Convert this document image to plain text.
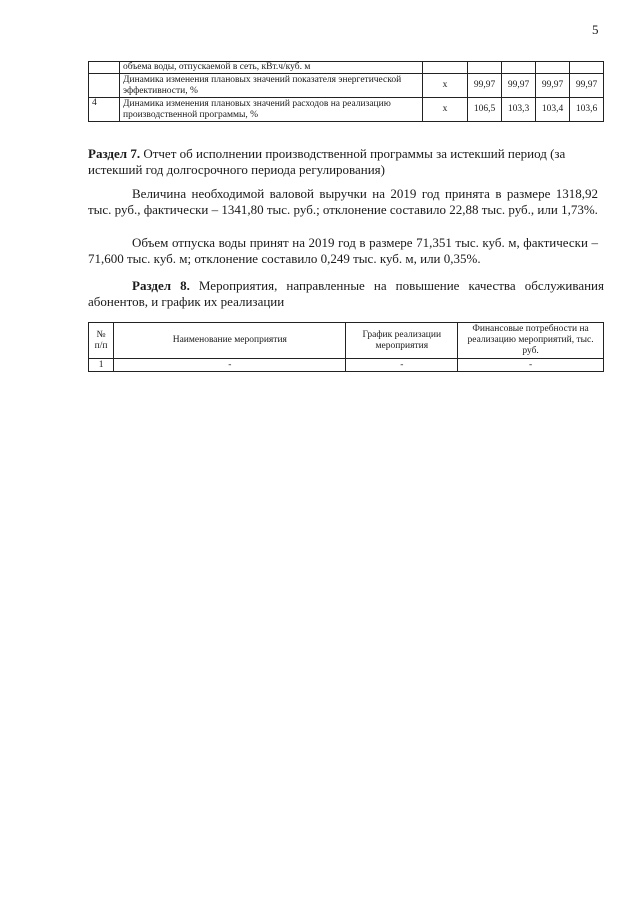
5
	объема воды, отпускаемой в сеть, кВт.ч/куб. м					
	Динамика изменения плановых значений показателя энергетической эффективности, %	x	99,97	99,97	99,97	99,97
4	Динамика изменения плановых значений расходов на реализацию производственной программы, %	x	106,5	103,3	103,4	103,6
Раздел 7. Отчет об исполнении производственной программы за истекший период (за истекший год долгосрочного периода регулирования)
Величина необходимой валовой выручки на 2019 год принята в размере 1318,92 тыс. руб., фактически – 1341,80 тыс. руб.; отклонение составило 22,88 тыс. руб., или 1,73%.
Объем отпуска воды принят на 2019 год в размере 71,351 тыс. куб. м, фактически – 71,600 тыс. куб. м; отклонение составило 0,249 тыс. куб. м, или 0,35%.
Раздел 8. Мероприятия, направленные на повышение качества обслуживания абонентов, и график их реализации
№ п/п	Наименование мероприятия	График реализации мероприятия	Финансовые потребности на реализацию мероприятий, тыс. руб.
1	-	-	-
